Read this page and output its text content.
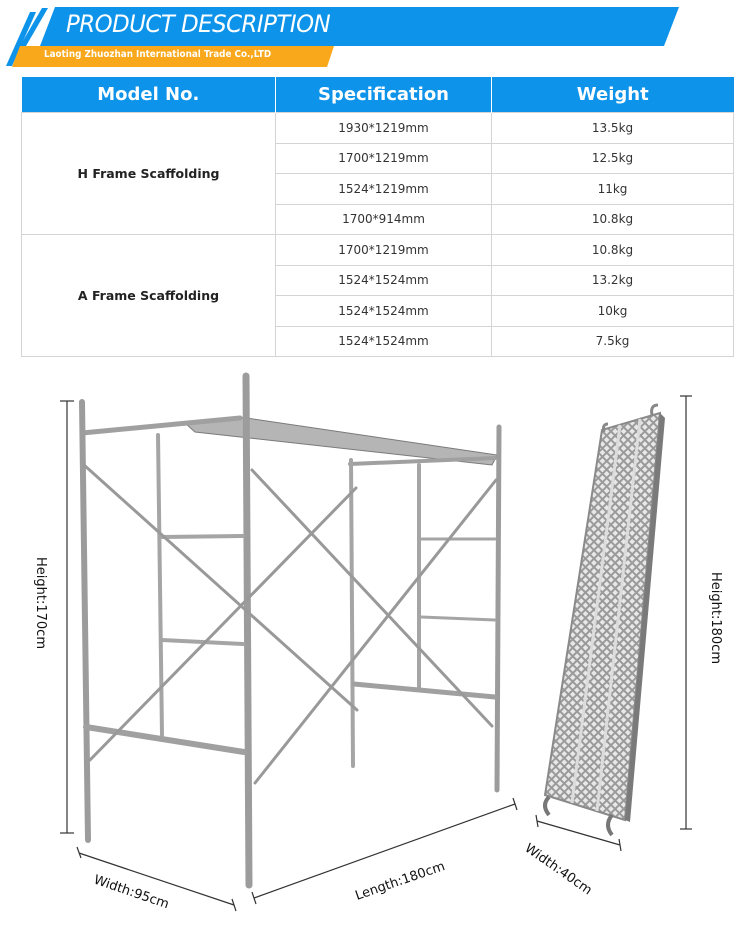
PRODUCT DESCRIPTION
Laoting Zhuozhan International Trade Co.,LTD
Model No.	Specification	Weight
H Frame Scaffolding	1930*1219mm	13.5kg
	1700*1219mm	12.5kg
	1524*1219mm	11kg
	1700*914mm	10.8kg
A Frame Scaffolding	1700*1219mm	10.8kg
	1524*1524mm	13.2kg
	1524*1524mm	10kg
	1524*1524mm	7.5kg
Height:170cm
Width:95cm	Length:180cm
Height:180cm
Width:40cm
